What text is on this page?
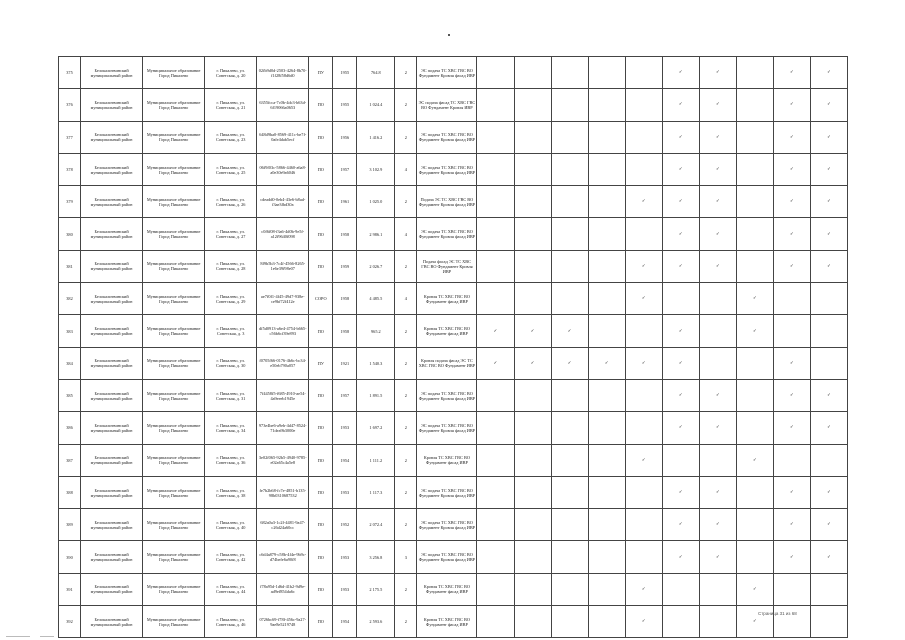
375	Белокалитвинский муниципальный район	Муниципальное образование Город Пикалево	г. Пикалево, ул. Советская, д. 20	02fb9d0d-2503-4264-8b70-f1f28f58d6d0	ПУ	1955	764.8	2	ЭС подача ТС ХВС ГВС ВО Фундамент Кровля фасад ИВР						✓	✓		✓	✓
376	Белокалитвинский муниципальный район	Муниципальное образование Город Пикалево	г. Пикалево, ул. Советская, д. 21	6355fcca-7c0b-4dc3-b63d-6f19066a0653	ПО	1955	1 024.4	2	ЭС подача фасад ТС ХВС ГВС ВО Фундамент Кровля ИВР						✓	✓		✓	✓
377	Белокалитвинский муниципальный район	Муниципальное образование Город Пикалево	г. Пикалево, ул. Советская, д. 23	648d9ba0-8569-411c-be7f-0afe4dab5ecf	ПО	1956	1 416.2	2	ЭС подача ТС ХВС ГВС ВО Фундамент Кровля фасад ИВР						✓	✓		✓	✓
378	Белокалитвинский муниципальный район	Муниципальное образование Город Пикалево	г. Пикалево, ул. Советская, д. 25	06f9f03c-5866-4460-a6a8-a0e30e9a6046	ПО	1957	3 102.9	4	ЭС подача ТС ХВС ГВС ВО Фундамент Кровля фасад ИВР						✓	✓		✓	✓
379	Белокалитвинский муниципальный район	Муниципальное образование Город Пикалево	г. Пикалево, ул. Советская, д. 26	cdeadd0-0eb4-43e6-b8ad-f3ae3fbd30a	ПО	1961	1 025.0	2	Подача ЭС ТС ХВС ГВС ВО Фундамент Кровля фасад ИВР					✓	✓	✓		✓	✓
380	Белокалитвинский муниципальный район	Муниципальное образование Город Пикалево	г. Пикалево, ул. Советская, д. 27	c0f6f08-f3a6-4d0b-9e5f-a12f9640f098	ПО	1958	2 986.1	4	ЭС подача ТС ХВС ГВС ВО Фундамент Кровля фасад ИВР						✓	✓		✓	✓
381	Белокалитвинский муниципальный район	Муниципальное образование Город Пикалево	г. Пикалево, ул. Советская, д. 28	8f9b5b3-7c4f-4566-8265-1e6e39f98e07	ПО	1959	2 026.7	2	Подача фасад ЭС ТС ХВС ГВС ВО Фундамент Кровля ИВР					✓	✓	✓		✓	✓
382	Белокалитвинский муниципальный район	Муниципальное образование Город Пикалево	г. Пикалево, ул. Советская, д. 29	ae7f0f1-4f45-49d7-938e-ce9bf72f412e	СОРО	1958	4 485.5	4	Кровля ТС ХВС ГВС ВО Фундамент фасад ИВР					✓			✓		
383	Белокалитвинский муниципальный район	Муниципальное образование Город Пикалево	г. Пикалево, ул. Советская, д. 3	df5d0913-a6e4-4754-b665-c56b6cf39e893	ПО	1958	965.2	2	Кровля ТС ХВС ГВС ВО Фундамент фасад ИВР	✓	✓	✓			✓		✓		
384	Белокалитвинский муниципальный район	Муниципальное образование Город Пикалево	г. Пикалево, ул. Советская, д. 30	f0705f66-0176-4b6c-bc34-e50eb790a057	ПУ	1921	1 540.3	2	Кровля подача фасад ЭС ТС ХВС ГВС ВО Фундамент ИВР	✓	✓	✓	✓	✓	✓			✓	
385	Белокалитвинский муниципальный район	Муниципальное образование Город Пикалево	г. Пикалево, ул. Советская, д. 31	7f4458f5-f685-4910-ae54-4a9eeeb1945e	ПО	1957	1 891.5	2	ЭС подача ТС ХВС ГВС ВО Фундамент Кровля фасад ИВР						✓	✓		✓	✓
386	Белокалитвинский муниципальный район	Муниципальное образование Город Пикалево	г. Пикалево, ул. Советская, д. 34	973e4be6-a9eb-4d47-8524-71dea9b3000e	ПО	1953	1 697.2	2	ЭС подача ТС ХВС ГВС ВО Фундамент Кровля фасад ИВР						✓	✓		✓	✓
387	Белокалитвинский муниципальный район	Муниципальное образование Город Пикалево	г. Пикалево, ул. Советская, д. 36	3e02f065-92b5-4940-9785-e02a65c4a5e8	ПО	1954	1 111.2	2	Кровля ТС ХВС ГВС ВО Фундамент фасад ИВР					✓			✓		
388	Белокалитвинский муниципальный район	Муниципальное образование Город Пикалево	г. Пикалево, ул. Советская, д. 38	fe7b2b68-fc7e-4851-b135-98b0310687532	ПО	1953	1 117.3	2	ЭС подача ТС ХВС ГВС ВО Фундамент Кровля фасад ИВР						✓	✓		✓	✓
389	Белокалитвинский муниципальный район	Муниципальное образование Город Пикалево	г. Пикалево, ул. Советская, д. 40	682a0a3-1c2f-4481-9a47-c26d24a60cc	ПО	1952	2 072.4	2	ЭС подача ТС ХВС ГВС ВО Фундамент Кровля фасад ИВР						✓	✓		✓	✓
390	Белокалитвинский муниципальный район	Муниципальное образование Город Пикалево	г. Пикалево, ул. Советская, д. 42	c6d4a879-c58b-4f4e-9b9c-d74befe6a90f8	ПО	1953	3 256.8	3	ЭС подача ТС ХВС ГВС ВО Фундамент Кровля фасад ИВР						✓	✓		✓	✓
391	Белокалитвинский муниципальный район	Муниципальное образование Город Пикалево	г. Пикалево, ул. Советская, д. 44	f78a95d-1d6d-41b2-9d9e-ad9ef854da6c	ПО	1953	2 175.5	2	Кровля ТС ХВС ГВС ВО Фундамент фасад ИВР					✓			✓		
392	Белокалитвинский муниципальный район	Муниципальное образование Город Пикалево	г. Пикалево, ул. Советская, д. 46	0726bc69-f78f-456c-9a27-9ae8e5219748	ПО	1954	2 593.6	2	Кровля ТС ХВС ГВС ВО Фундамент фасад ИВР					✓			✓		
Страница 31 из 68
